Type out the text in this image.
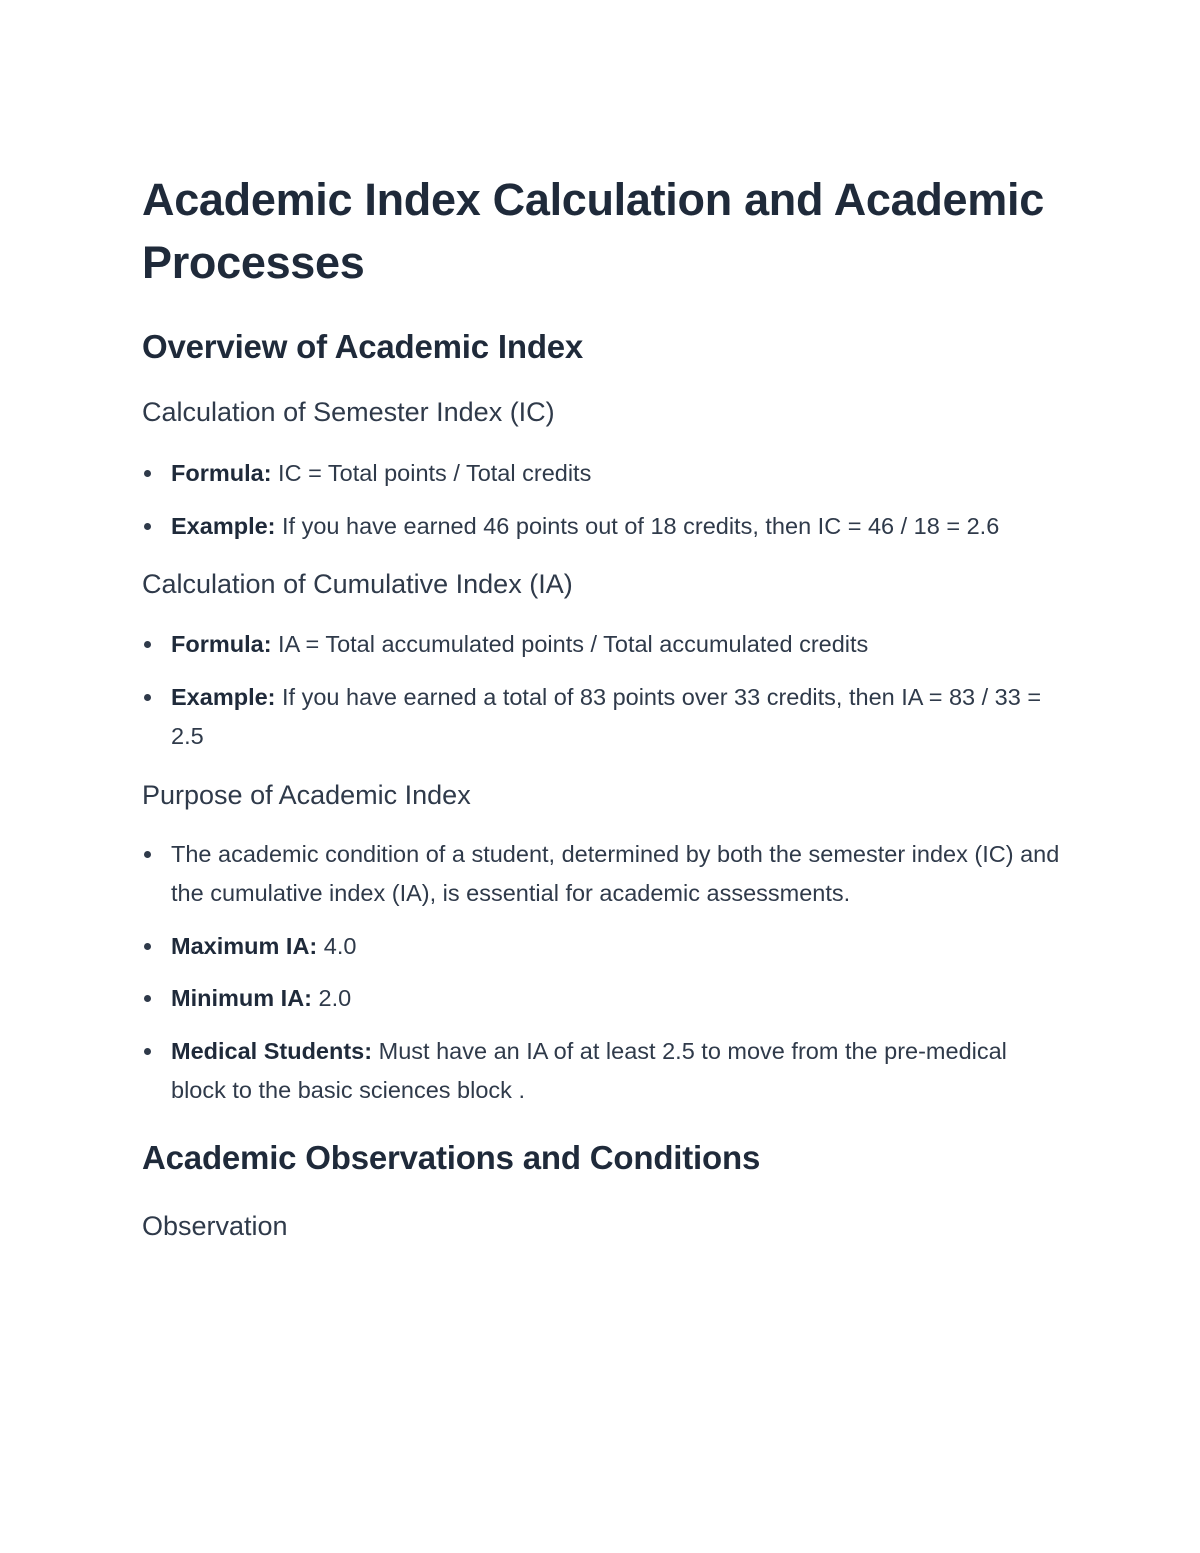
Academic Index Calculation and Academic Processes
Overview of Academic Index
Calculation of Semester Index (IC)
Formula: IC = Total points / Total credits
Example: If you have earned 46 points out of 18 credits, then IC = 46 / 18 = 2.6
Calculation of Cumulative Index (IA)
Formula: IA = Total accumulated points / Total accumulated credits
Example: If you have earned a total of 83 points over 33 credits, then IA = 83 / 33 = 2.5
Purpose of Academic Index
The academic condition of a student, determined by both the semester index (IC) and the cumulative index (IA), is essential for academic assessments.
Maximum IA: 4.0
Minimum IA: 2.0
Medical Students: Must have an IA of at least 2.5 to move from the pre-medical block to the basic sciences block .
Academic Observations and Conditions
Observation
